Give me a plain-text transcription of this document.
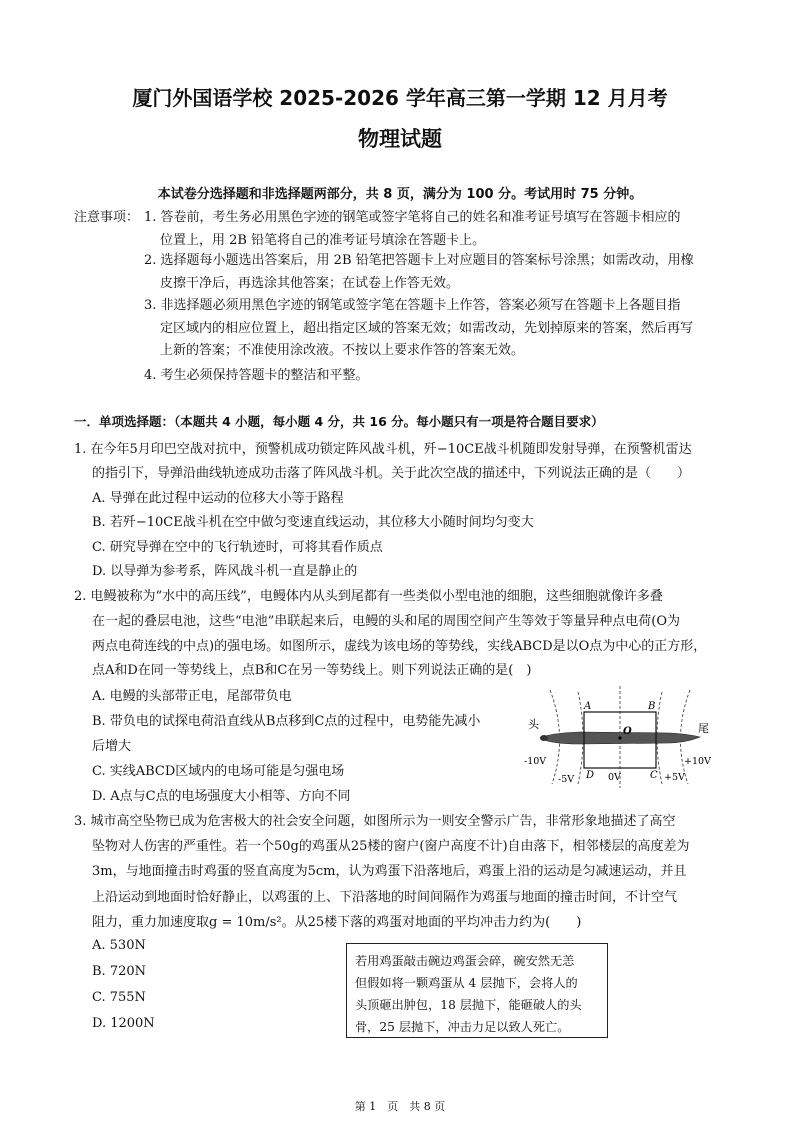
厦门外国语学校 2025-2026 学年高三第一学期 12 月月考
物理试题
本试卷分选择题和非选择题两部分，共 8 页，满分为 100 分。考试用时 75 分钟。
注意事项： 1. 答卷前，考生务必用黑色字迹的钢笔或签字笔将自己的姓名和准考证号填写在答题卡相应的
位置上，用 2B 铅笔将自己的准考证号填涂在答题卡上。
2. 选择题每小题选出答案后，用 2B 铅笔把答题卡上对应题目的答案标号涂黑；如需改动，用橡
皮擦干净后，再选涂其他答案；在试卷上作答无效。
3. 非选择题必须用黑色字迹的钢笔或签字笔在答题卡上作答，答案必须写在答题卡上各题目指
定区域内的相应位置上，超出指定区域的答案无效；如需改动，先划掉原来的答案，然后再写
上新的答案；不准使用涂改液。不按以上要求作答的答案无效。
4. 考生必须保持答题卡的整洁和平整。
一．单项选择题：（本题共 4 小题，每小题 4 分，共 16 分。每小题只有一项是符合题目要求）
1. 在今年5月印巴空战对抗中，预警机成功锁定阵风战斗机，歼−10CE战斗机随即发射导弹，在预警机雷达
的指引下，导弹沿曲线轨迹成功击落了阵风战斗机。关于此次空战的描述中，下列说法正确的是（　　）
A. 导弹在此过程中运动的位移大小等于路程
B. 若歼−10CE战斗机在空中做匀变速直线运动，其位移大小随时间均匀变大
C. 研究导弹在空中的飞行轨迹时，可将其看作质点
D. 以导弹为参考系，阵风战斗机一直是静止的
2. 电鳗被称为“水中的高压线”，电鳗体内从头到尾都有一些类似小型电池的细胞，这些细胞就像许多叠
在一起的叠层电池，这些“电池”串联起来后，电鳗的头和尾的周围空间产生等效于等量异种点电荷(O为
两点电荷连线的中点)的强电场。如图所示，虚线为该电场的等势线，实线ABCD是以O点为中心的正方形，
点A和D在同一等势线上，点B和C在另一等势线上。则下列说法正确的是(　)
A. 电鳗的头部带正电，尾部带负电
B. 带负电的试探电荷沿直线从B点移到C点的过程中，电势能先减小
后增大
C. 实线ABCD区域内的电场可能是匀强电场
D. A点与C点的电场强度大小相等、方向不同
头	尾
A	B
C
D
O
-10V	+10V
-5V	0V	+5V
3. 城市高空坠物已成为危害极大的社会安全问题，如图所示为一则安全警示广告，非常形象地描述了高空
坠物对人伤害的严重性。若一个50g的鸡蛋从25楼的窗户(窗户高度不计)自由落下，相邻楼层的高度差为
3m，与地面撞击时鸡蛋的竖直高度为5cm，认为鸡蛋下沿落地后，鸡蛋上沿的运动是匀减速运动，并且
上沿运动到地面时恰好静止，以鸡蛋的上、下沿落地的时间间隔作为鸡蛋与地面的撞击时间，不计空气
阻力，重力加速度取g = 10m/s²。从25楼下落的鸡蛋对地面的平均冲击力约为(　　)
A. 530N
B. 720N
C. 755N
D. 1200N
若用鸡蛋敲击碗边鸡蛋会碎，碗安然无恙
但假如将一颗鸡蛋从 4 层抛下，会将人的
头顶砸出肿包，18 层抛下，能砸破人的头
骨，25 层抛下，冲击力足以致人死亡。
第 1　页　共 8 页
